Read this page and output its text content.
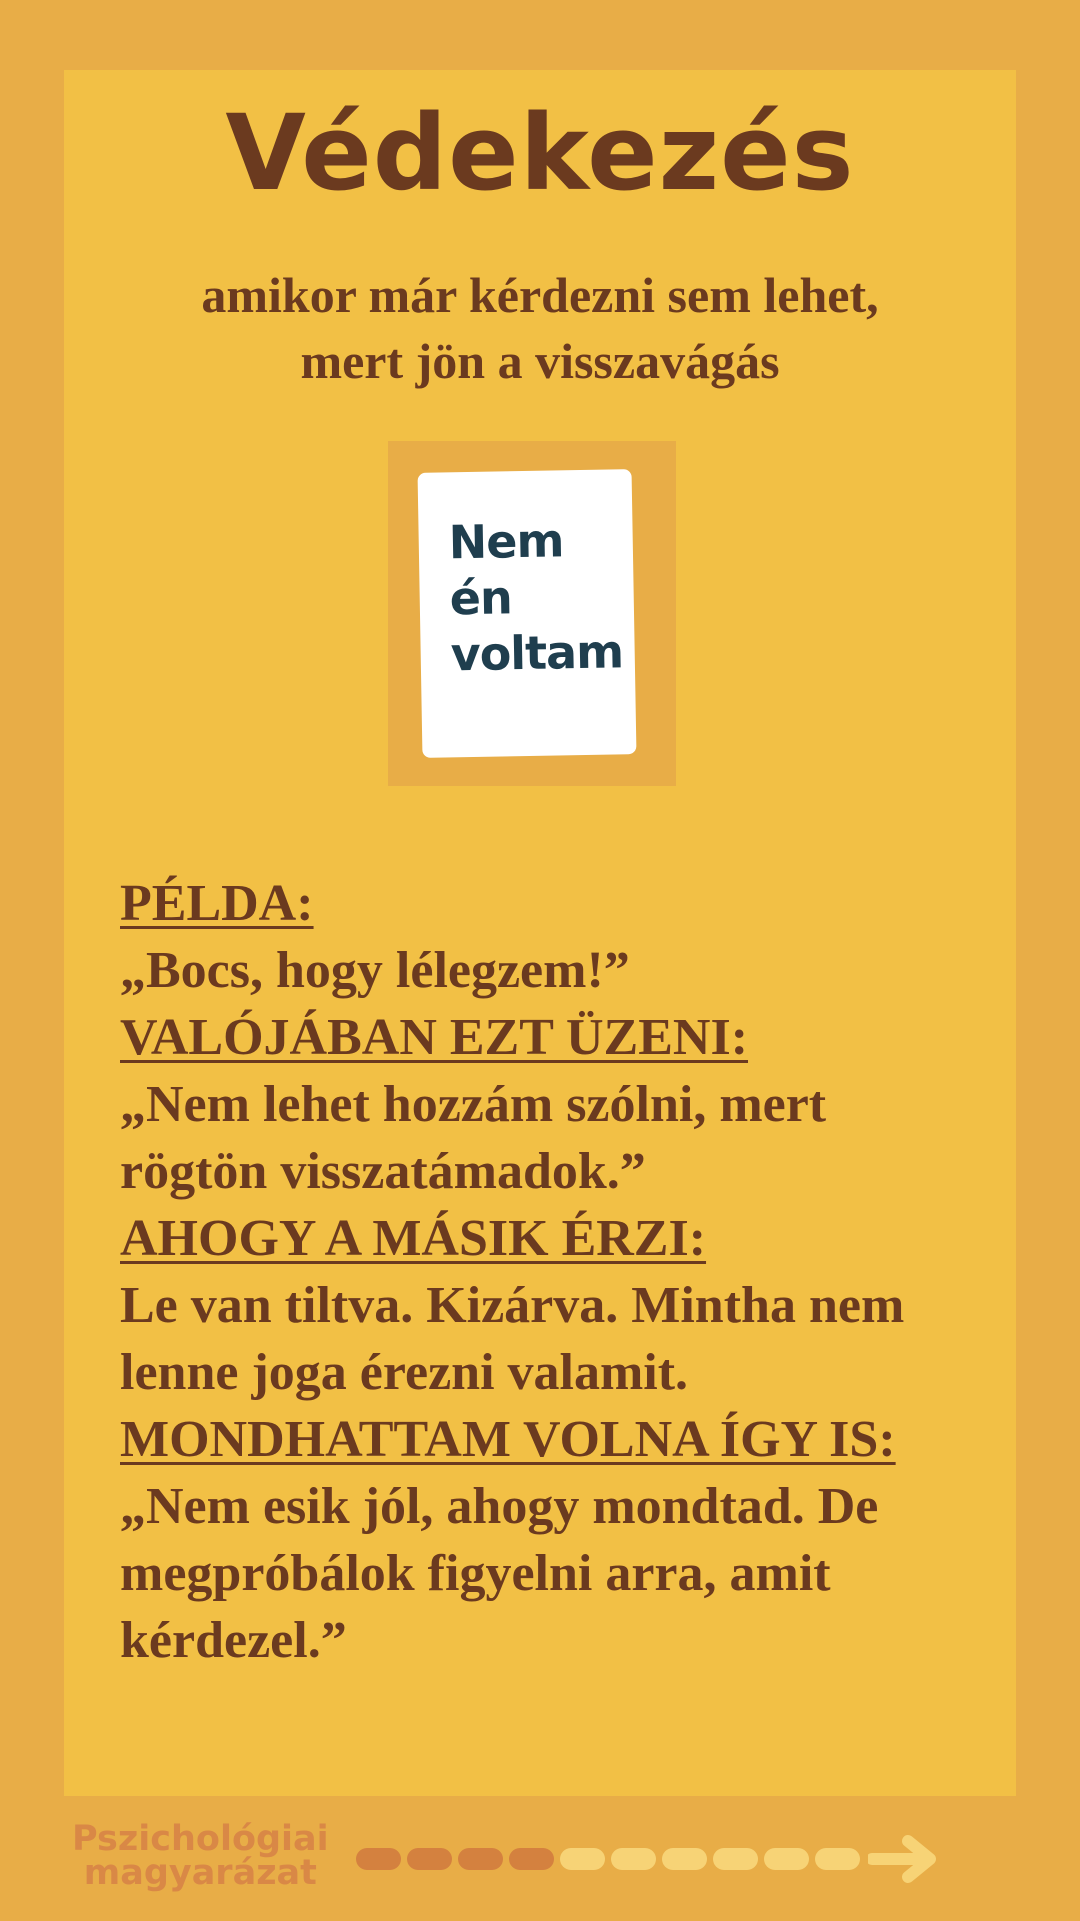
Védekezés
amikor már kérdezni sem lehet,
mert jön a visszavágás
Nem
én
voltam
PÉLDA:
„Bocs, hogy lélegzem!”
VALÓJÁBAN EZT ÜZENI:
„Nem lehet hozzám szólni, mert rögtön visszatámadok.”
AHOGY A MÁSIK ÉRZI:
Le van tiltva. Kizárva. Mintha nem lenne joga érezni valamit.
MONDHATTAM VOLNA ÍGY IS:
„Nem esik jól, ahogy mondtad. De megpróbálok figyelni arra, amit kérdezel.”
Pszichológiai
magyarázat
